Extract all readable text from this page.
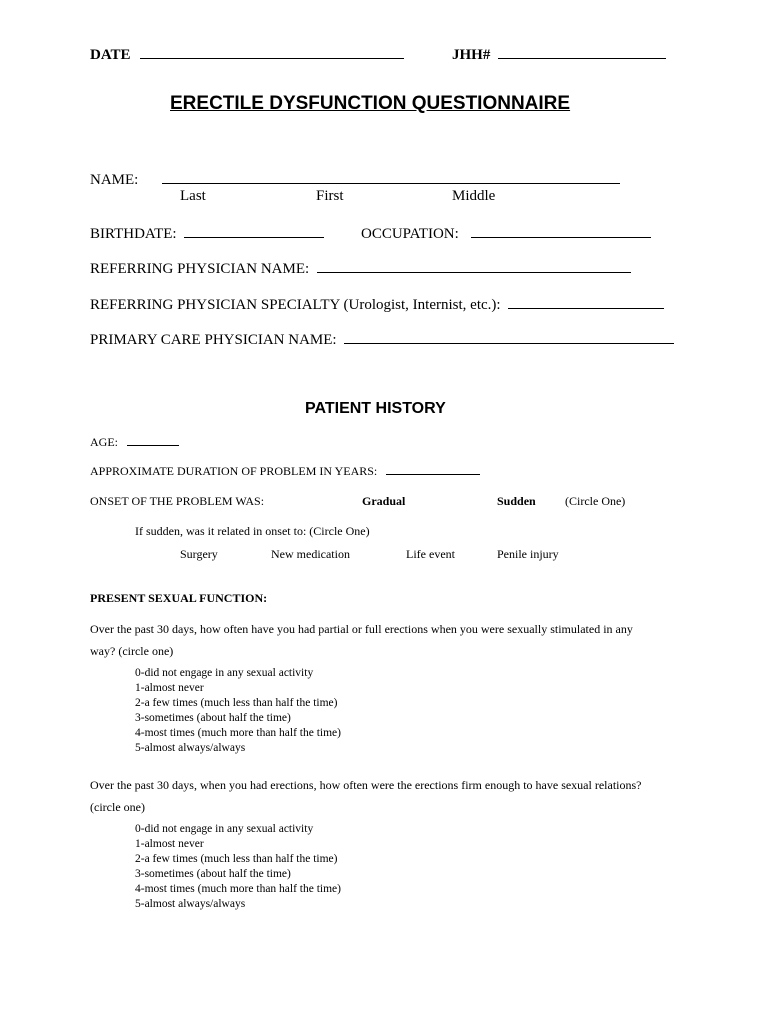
DATE	JHH#
ERECTILE DYSFUNCTION QUESTIONNAIRE
NAME:
Last	First	Middle
BIRTHDATE:	OCCUPATION:
REFERRING PHYSICIAN NAME:
REFERRING PHYSICIAN SPECIALTY (Urologist, Internist, etc.):
PRIMARY CARE PHYSICIAN NAME:
PATIENT HISTORY
AGE:
APPROXIMATE DURATION OF PROBLEM IN YEARS:
ONSET OF THE PROBLEM WAS:	Gradual	Sudden (Circle One)
If sudden, was it related in onset to: (Circle One)
Surgery	New medication	Life event	Penile injury
PRESENT SEXUAL FUNCTION:
Over the past 30 days, how often have you had partial or full erections when you were sexually stimulated in any
way? (circle one)
0-did not engage in any sexual activity
1-almost never
2-a few times (much less than half the time)
3-sometimes (about half the time)
4-most times (much more than half the time)
5-almost always/always
Over the past 30 days, when you had erections, how often were the erections firm enough to have sexual relations?
(circle one)
0-did not engage in any sexual activity
1-almost never
2-a few times (much less than half the time)
3-sometimes (about half the time)
4-most times (much more than half the time)
5-almost always/always
